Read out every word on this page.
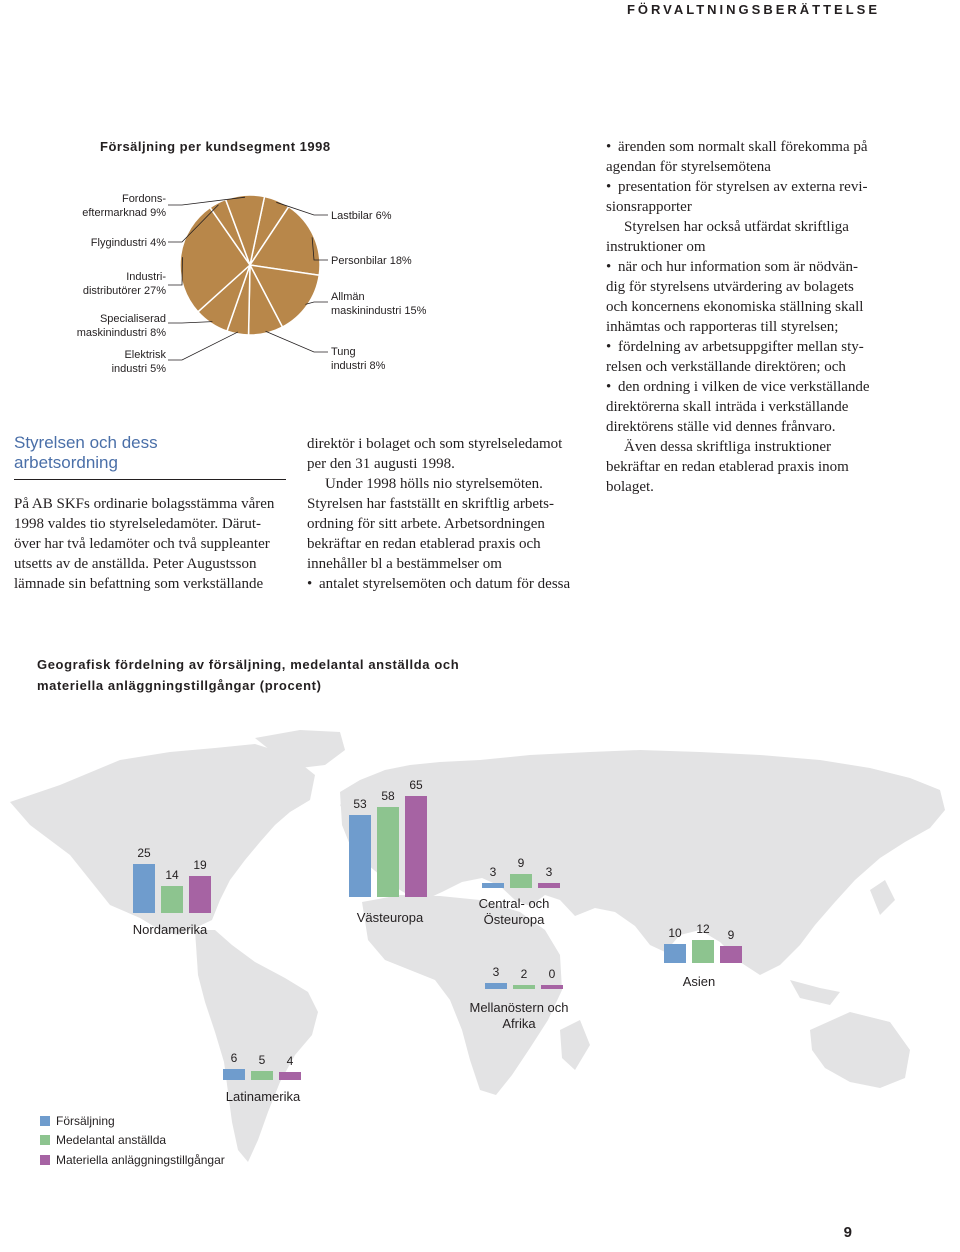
FÖRVALTNINGSBERÄTTELSE
Försäljning per kundsegment 1998
Fordons-
eftermarknad 9%
Flygindustri 4%
Industri-
distributörer 27%
Specialiserad
maskinindustri 8%
Elektrisk
industri 5%
Lastbilar 6%
Personbilar 18%
Allmän
maskinindustri 15%
Tung
industri 8%
Styrelsen och dess
arbetsordning
På AB SKFs ordinarie bolagsstämma våren
1998 valdes tio styrelseledamöter. Därut-
över har två ledamöter och två suppleanter
utsetts av de anställda. Peter Augustsson
lämnade sin befattning som verkställande
direktör i bolaget och som styrelseledamot
per den 31 augusti 1998.
Under 1998 hölls nio styrelsemöten.
Styrelsen har fastställt en skriftlig arbets-
ordning för sitt arbete. Arbetsordningen
bekräftar en redan etablerad praxis och
innehåller bl a bestämmelser om
• antalet styrelsemöten och datum för dessa
• ärenden som normalt skall förekomma på
agendan för styrelsemötena
• presentation för styrelsen av externa revi-
sionsrapporter
Styrelsen har också utfärdat skriftliga
instruktioner om
• när och hur information som är nödvän-
dig för styrelsens utvärdering av bolagets
och koncernens ekonomiska ställning skall
inhämtas och rapporteras till styrelsen;
• fördelning av arbetsuppgifter mellan sty-
relsen och verkställande direktören; och
• den ordning i vilken de vice verkställande
direktörerna skall inträda i verkställande
direktörens ställe vid dennes frånvaro.
Även dessa skriftliga instruktioner
bekräftar en redan etablerad praxis inom
bolaget.
Geografisk fördelning av försäljning, medelantal anställda och
materiella anläggningstillgångar (procent)
25
14
19
53
58
65
3
9
3
10	12	9
3	2	0
6	5	4
Nordamerika
Västeuropa
Central- och
Östeuropa
Asien
Mellanöstern och
Afrika
Latinamerika
Försäljning
Medelantal anställda
Materiella anläggningstillgångar
9
